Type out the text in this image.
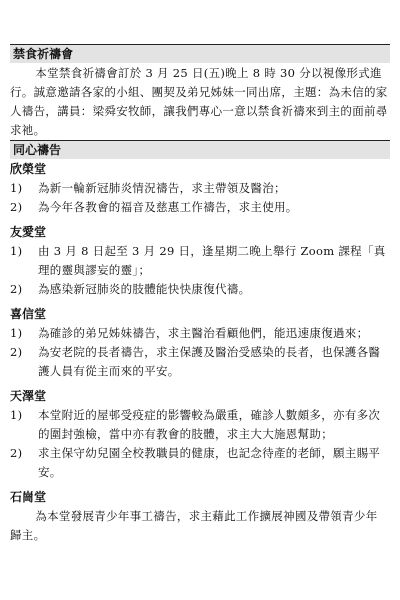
禁食祈禱會

本堂禁食祈禱會訂於 3 月 25 日(五)晚上 8 時 30 分以視像形式進行。誠意邀請各家的小組、團契及弟兄姊妹一同出席，主題：為未信的家人禱告，講員：梁舜安牧師，讓我們專心一意以禁食祈禱來到主的面前尋求祂。

同心禱告

欣榮堂

1)	為新一輪新冠肺炎情況禱告，求主帶領及醫治；
2)	為今年各教會的福音及慈惠工作禱告，求主使用。

友愛堂

1)	由 3 月 8 日起至 3 月 29 日，逢星期二晚上舉行 Zoom 課程「真理的靈與謬妄的靈」；
2)	為感染新冠肺炎的肢體能快快康復代禱。

喜信堂

1)	為確診的弟兄姊妹禱告，求主醫治看顧他們，能迅速康復過來；
2)	為安老院的長者禱告，求主保護及醫治受感染的長者，也保護各醫護人員有從主而來的平安。

天澤堂

1)	本堂附近的屋邨受疫症的影響較為嚴重，確診人數頗多，亦有多次的圍封強檢，當中亦有教會的肢體，求主大大施恩幫助；
2)	求主保守幼兒園全校教職員的健康，也記念待產的老師，願主賜平安。

石崗堂

為本堂發展青少年事工禱告，求主藉此工作擴展神國及帶領青少年歸主。
